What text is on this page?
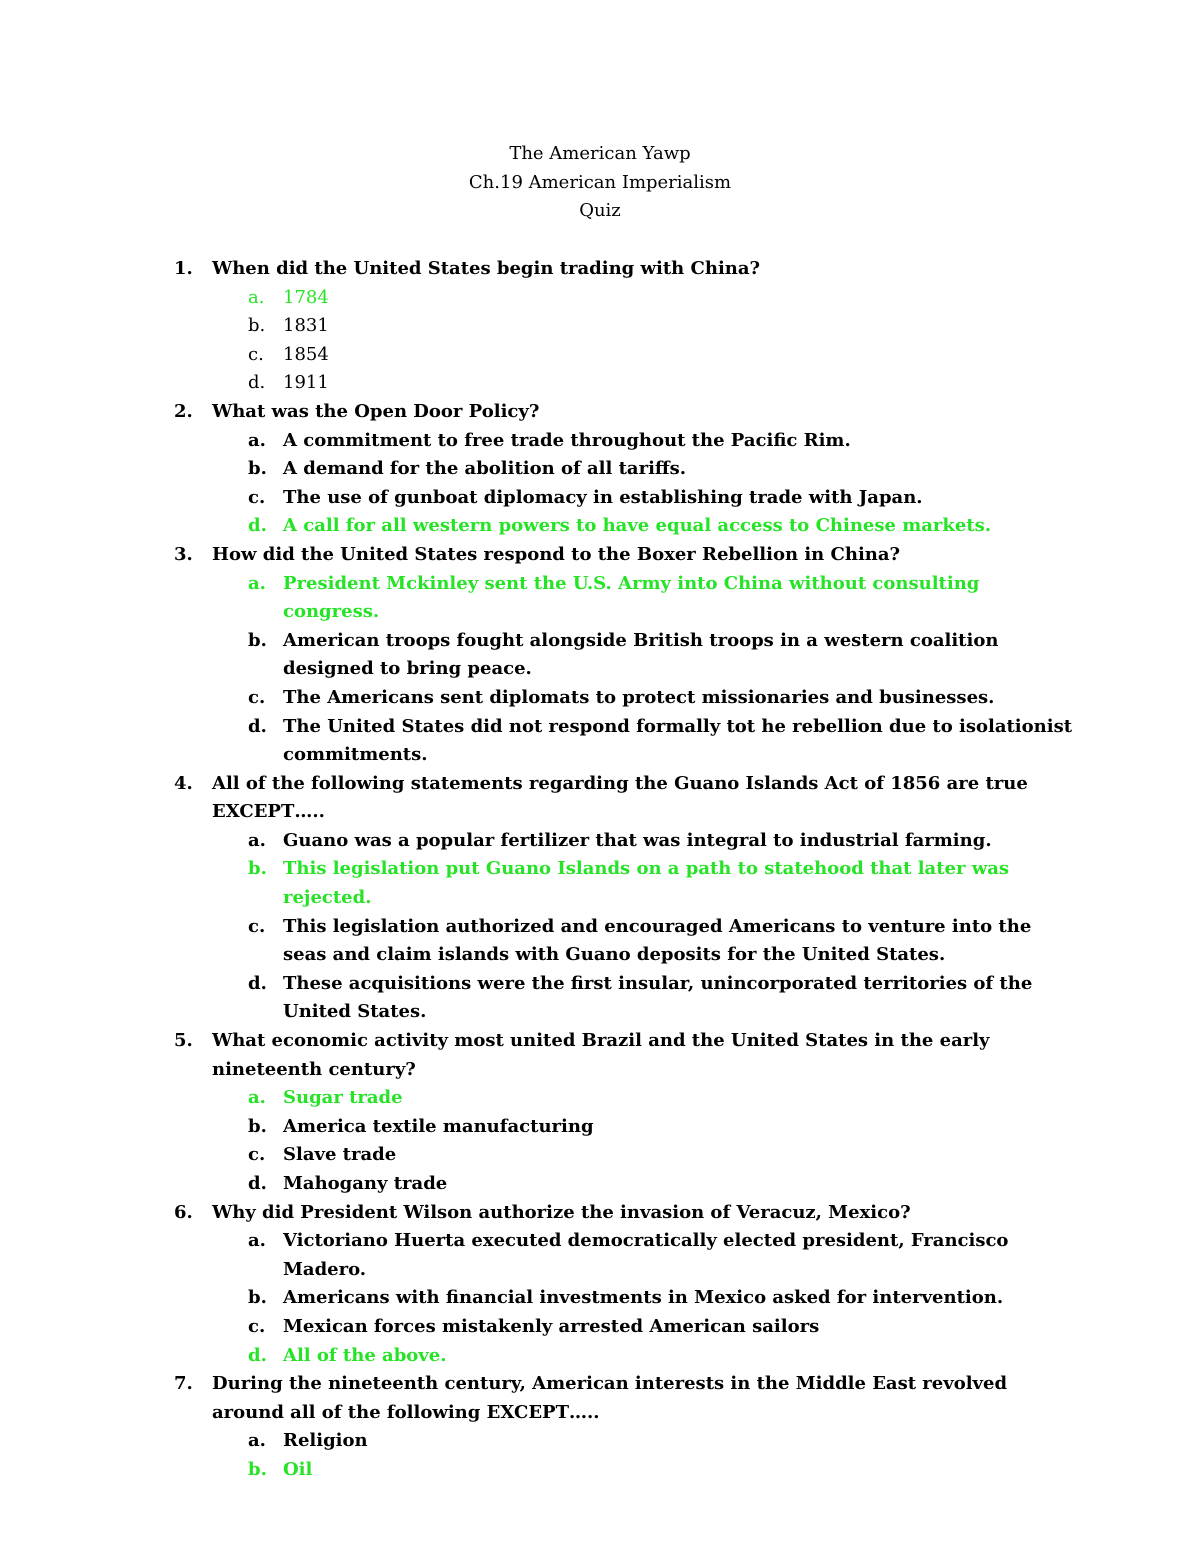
The American Yawp
Ch.19 American Imperialism
Quiz
1. When did the United States begin trading with China?
a. 1784
b. 1831
c. 1854
d. 1911
2. What was the Open Door Policy?
a. A commitment to free trade throughout the Pacific Rim.
b. A demand for the abolition of all tariffs.
c. The use of gunboat diplomacy in establishing trade with Japan.
d. A call for all western powers to have equal access to Chinese markets.
3. How did the United States respond to the Boxer Rebellion in China?
a. President Mckinley sent the U.S. Army into China without consulting congress.
b. American troops fought alongside British troops in a western coalition designed to bring peace.
c. The Americans sent diplomats to protect missionaries and businesses.
d. The United States did not respond formally tot he rebellion due to isolationist commitments.
4. All of the following statements regarding the Guano Islands Act of 1856 are true EXCEPT…..
a. Guano was a popular fertilizer that was integral to industrial farming.
b. This legislation put Guano Islands on a path to statehood that later was rejected.
c. This legislation authorized and encouraged Americans to venture into the seas and claim islands with Guano deposits for the United States.
d. These acquisitions were the first insular, unincorporated territories of the United States.
5. What economic activity most united Brazil and the United States in the early nineteenth century?
a. Sugar trade
b. America textile manufacturing
c. Slave trade
d. Mahogany trade
6. Why did President Wilson authorize the invasion of Veracuz, Mexico?
a. Victoriano Huerta executed democratically elected president, Francisco Madero.
b. Americans with financial investments in Mexico asked for intervention.
c. Mexican forces mistakenly arrested American sailors
d. All of the above.
7. During the nineteenth century, American interests in the Middle East revolved around all of the following EXCEPT…..
a. Religion
b. Oil
